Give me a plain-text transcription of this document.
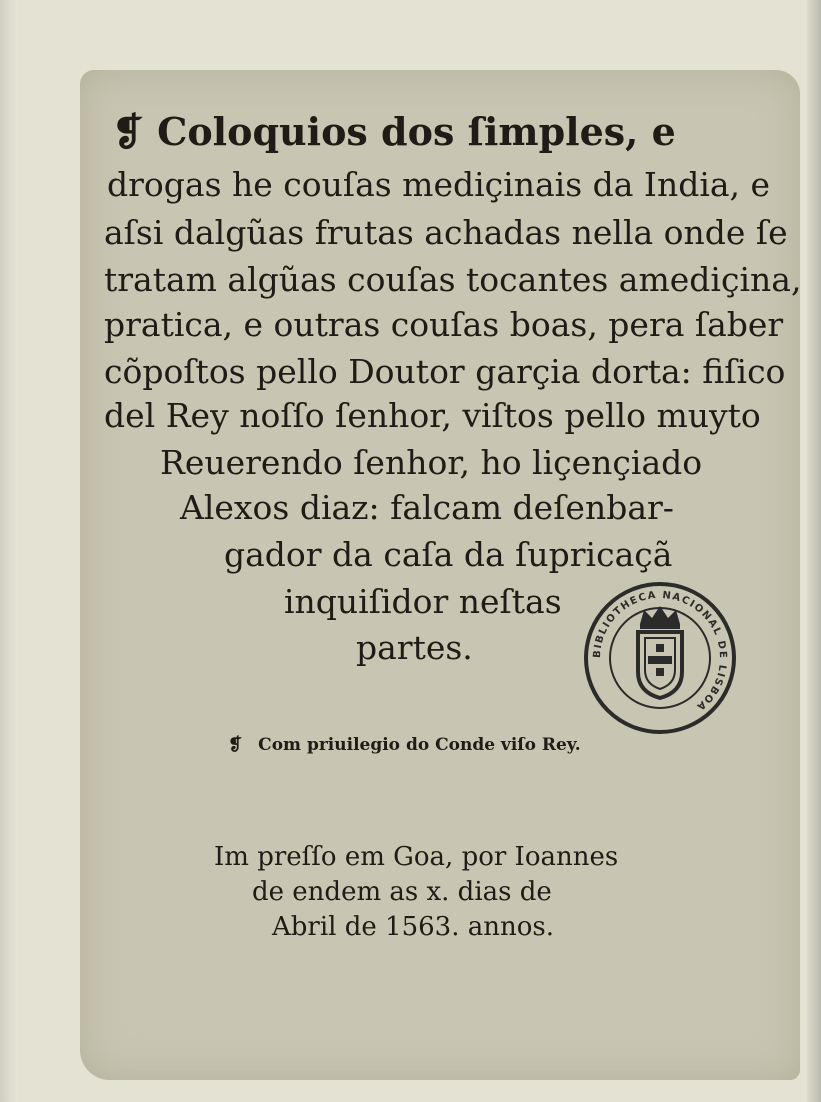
❡ Coloquios dos ſimples, e
drogas he couſas mediçinais da India, e
aſsi dalgũas frutas achadas nella onde ſe
tratam algũas couſas tocantes amediçina,
pratica, e outras couſas boas, pera ſaber
cõpoſtos pello Doutor garçia dorta: fiſico
del Rey noſſo ſenhor, viſtos pello muyto
Reuerendo ſenhor, ho liçençiado
Alexos diaz: falcam deſenbar-
gador da caſa da ſupricaçã
inquiſidor neſtas
partes.
❡ Com priuilegio do Conde viſo Rey.
Im preſſo em Goa, por Ioannes
de endem as x. dias de
Abril de 1563. annos.
BIBLIOTHECA NACIONAL DE LISBOA
